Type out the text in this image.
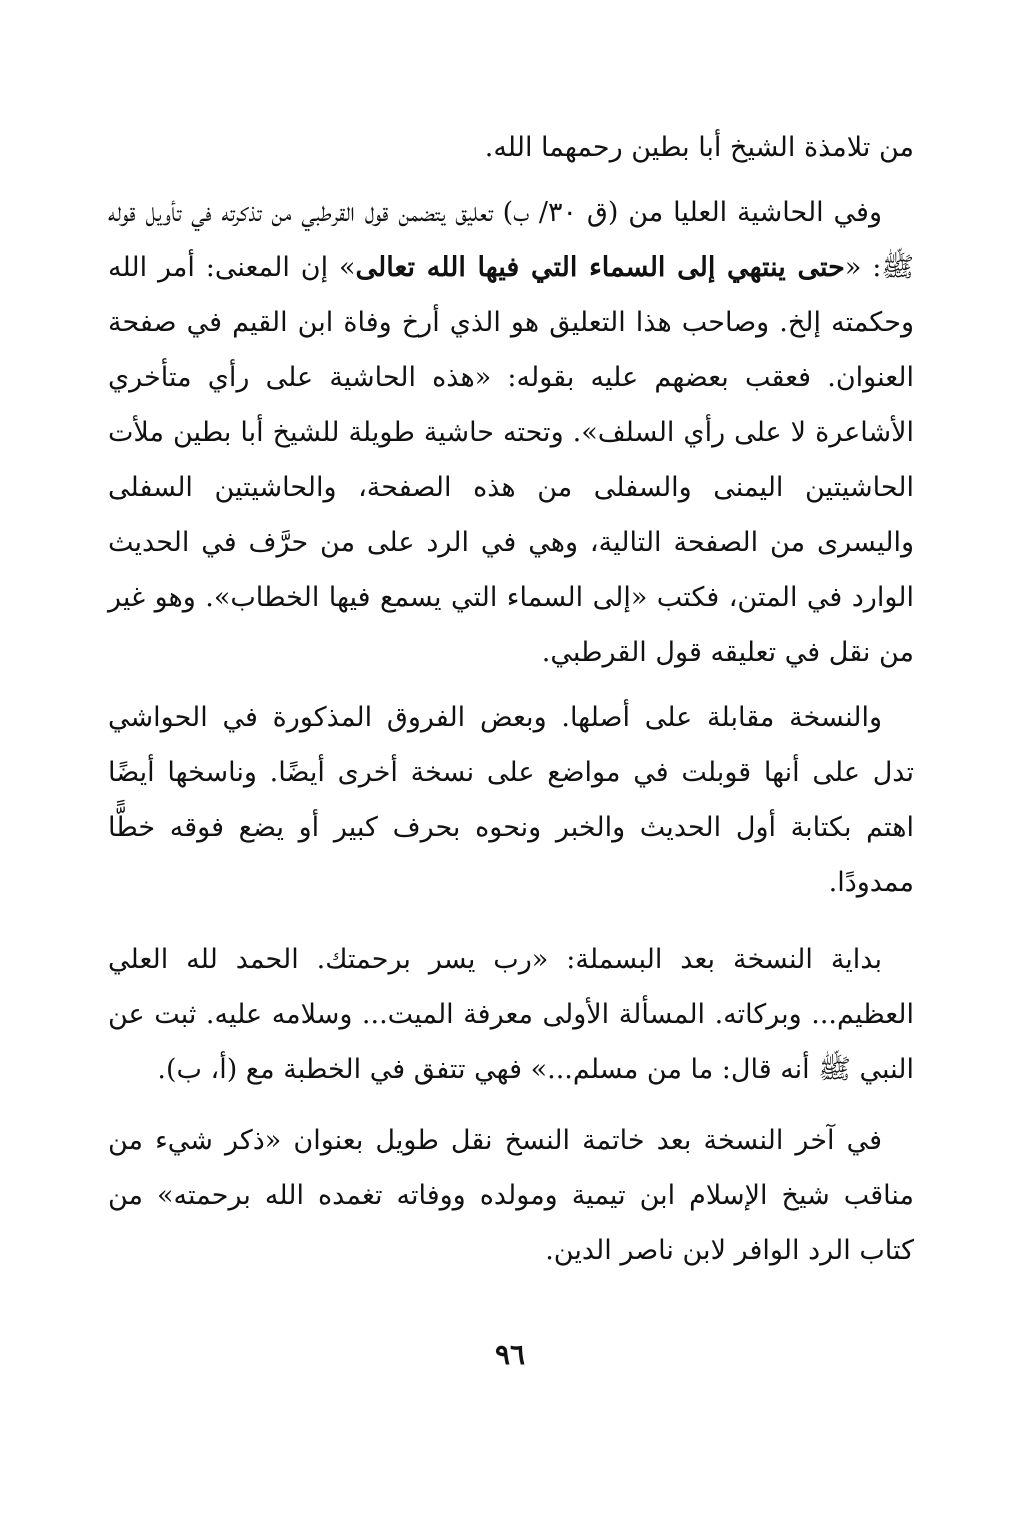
من تلامذة الشيخ أبا بطين رحمهما الله.
وفي الحاشية العليا من (ق ٣٠/ ب) تعليق يتضمن قول القرطبي من تذكرته في تأويل قوله ﷺ: «حتى ينتهي إلى السماء التي فيها الله تعالى» إن المعنى: أمر الله وحكمته إلخ. وصاحب هذا التعليق هو الذي أرخ وفاة ابن القيم في صفحة العنوان. فعقب بعضهم عليه بقوله: «هذه الحاشية على رأي متأخري الأشاعرة لا على رأي السلف». وتحته حاشية طويلة للشيخ أبا بطين ملأت الحاشيتين اليمنى والسفلى من هذه الصفحة، والحاشيتين السفلى واليسرى من الصفحة التالية، وهي في الرد على من حرَّف في الحديث الوارد في المتن، فكتب «إلى السماء التي يسمع فيها الخطاب». وهو غير من نقل في تعليقه قول القرطبي.
والنسخة مقابلة على أصلها. وبعض الفروق المذكورة في الحواشي تدل على أنها قوبلت في مواضع على نسخة أخرى أيضًا. وناسخها أيضًا اهتم بكتابة أول الحديث والخبر ونحوه بحرف كبير أو يضع فوقه خطًّا ممدودًا.
بداية النسخة بعد البسملة: «رب يسر برحمتك. الحمد لله العلي العظيم... وبركاته. المسألة الأولى معرفة الميت... وسلامه عليه. ثبت عن النبي ﷺ أنه قال: ما من مسلم...» فهي تتفق في الخطبة مع (أ، ب).
في آخر النسخة بعد خاتمة النسخ نقل طويل بعنوان «ذكر شيء من مناقب شيخ الإسلام ابن تيمية ومولده ووفاته تغمده الله برحمته» من كتاب الرد الوافر لابن ناصر الدين.
٩٦
